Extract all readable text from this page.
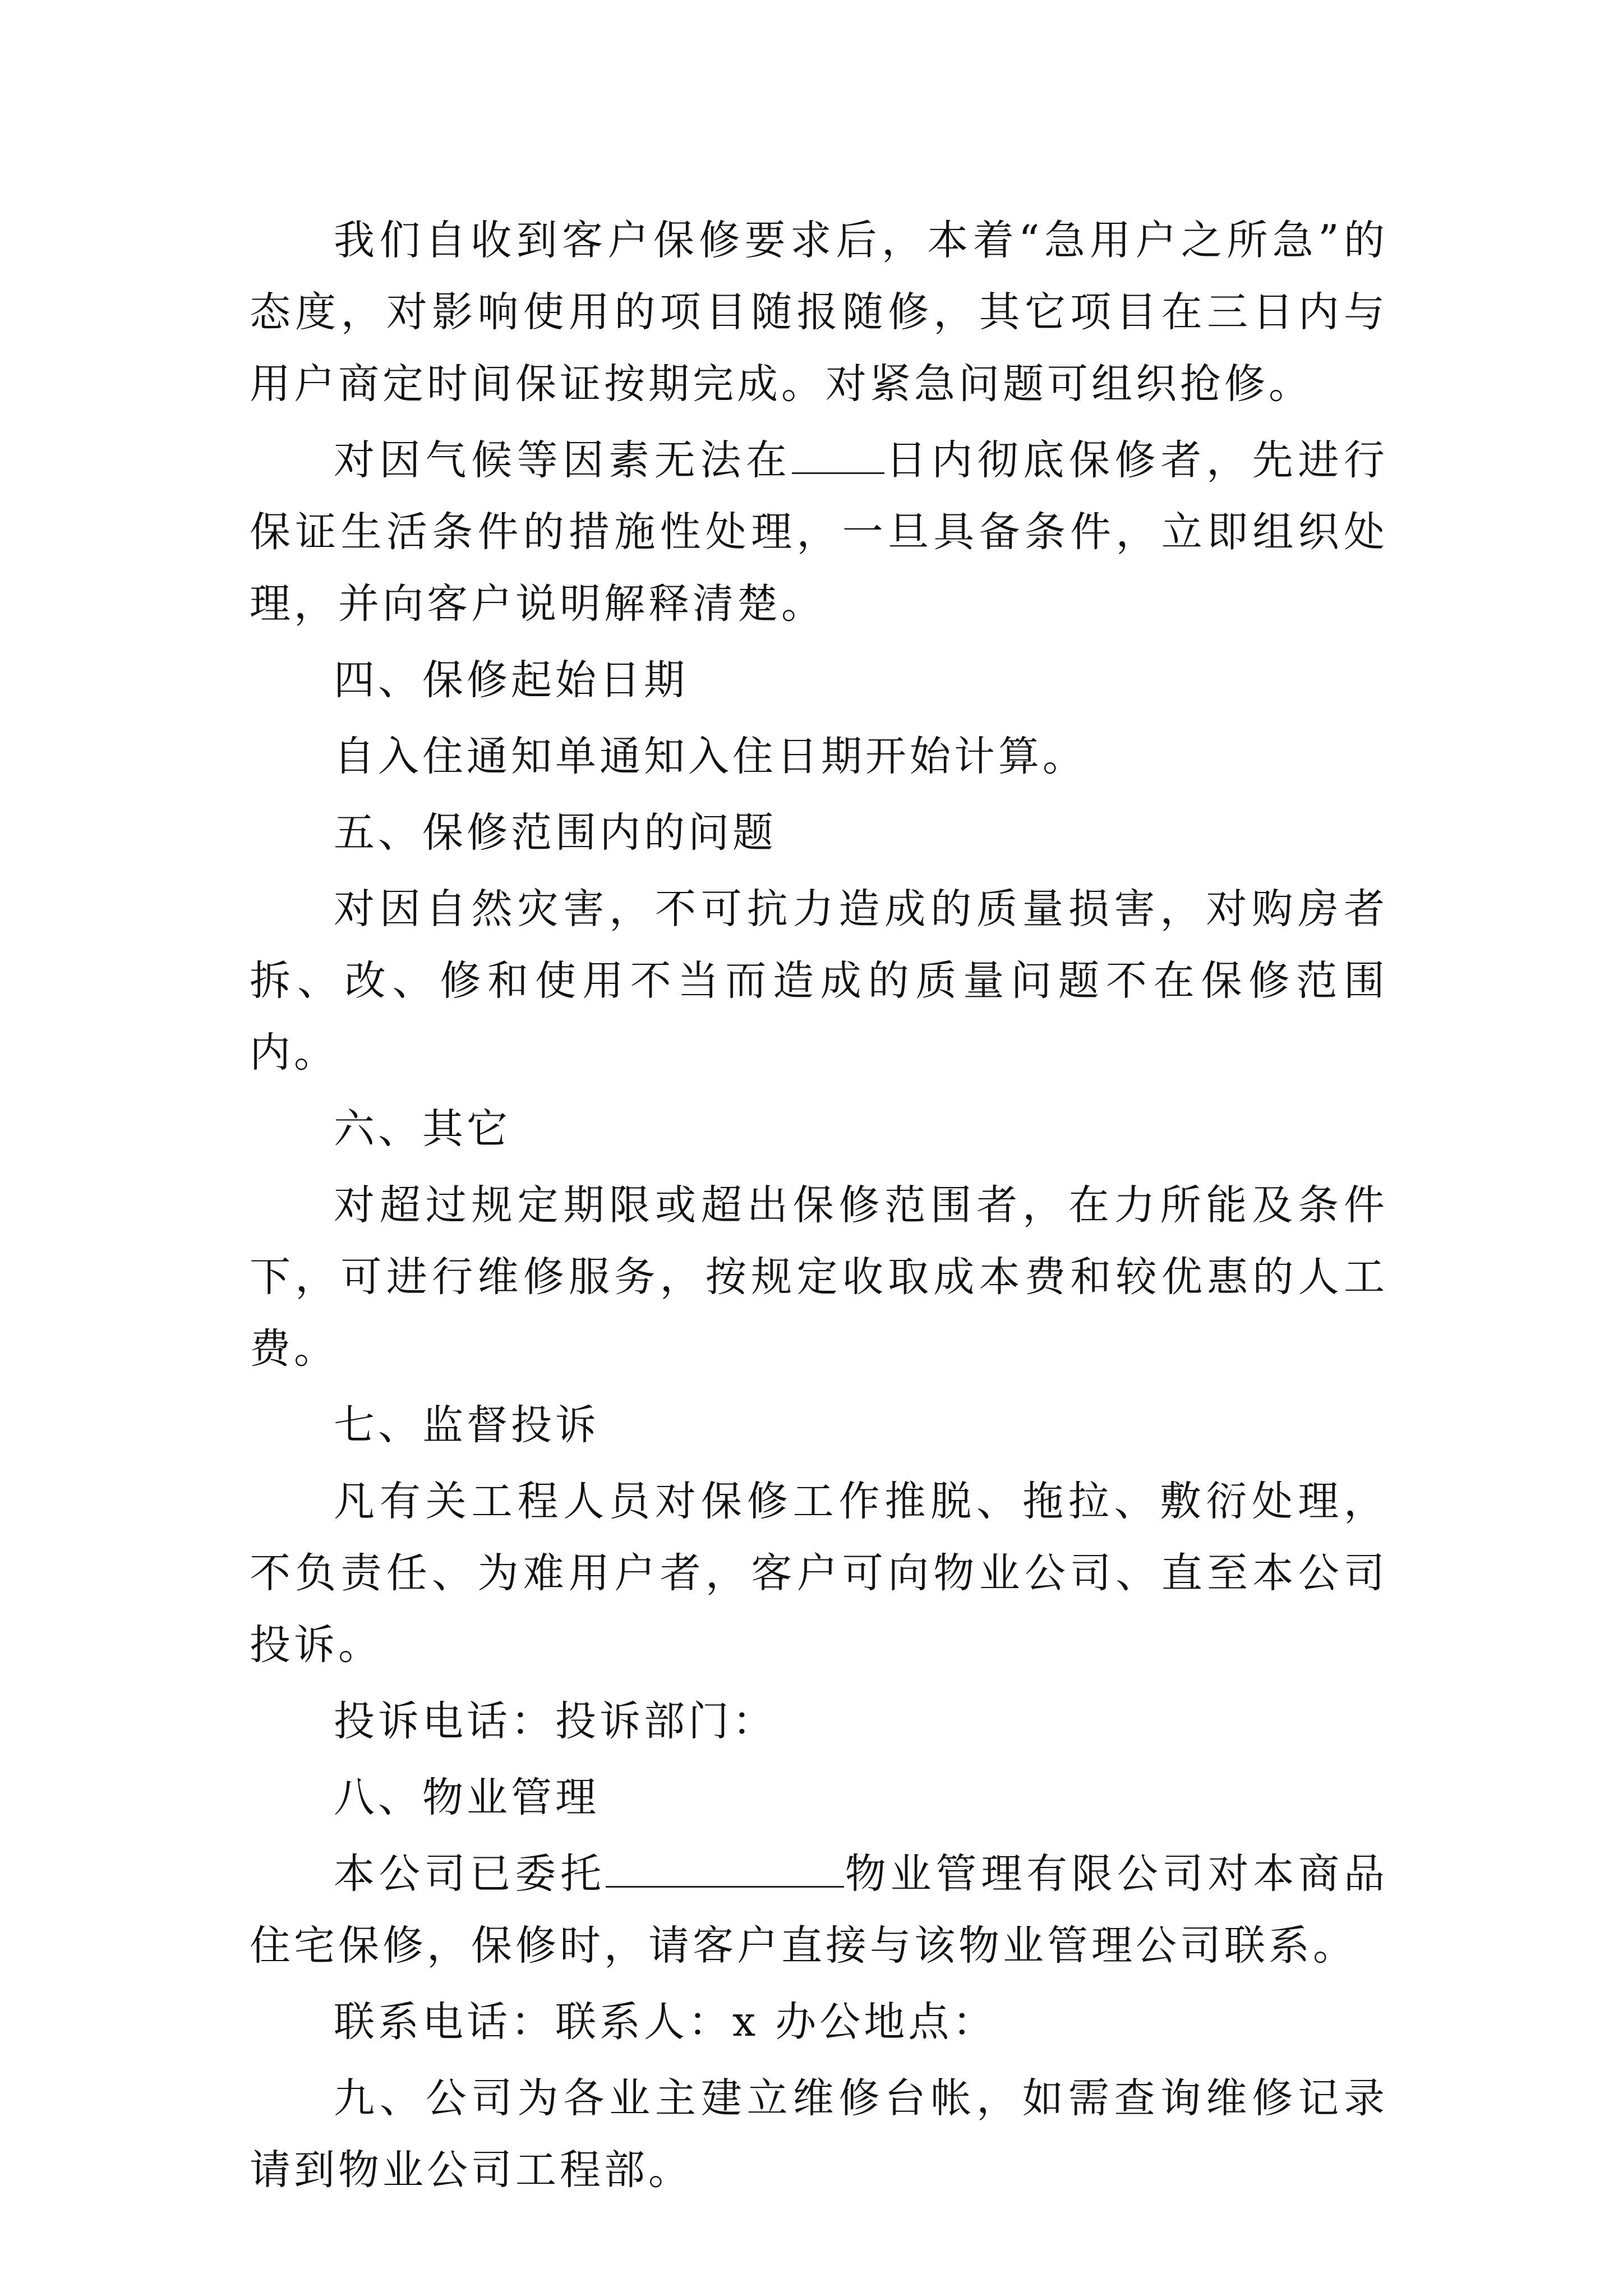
我们自收到客户保修要求后，本着“急用户之所急”的态度，对影响使用的项目随报随修，其它项目在三日内与用户商定时间保证按期完成。对紧急问题可组织抢修。

对因气候等因素无法在 日内彻底保修者，先进行保证生活条件的措施性处理，一旦具备条件，立即组织处理，并向客户说明解释清楚。

四、保修起始日期

自入住通知单通知入住日期开始计算。

五、保修范围内的问题

对因自然灾害，不可抗力造成的质量损害，对购房者拆、改、修和使用不当而造成的质量问题不在保修范围内。

六、其它

对超过规定期限或超出保修范围者，在力所能及条件下，可进行维修服务，按规定收取成本费和较优惠的人工费。

七、监督投诉

凡有关工程人员对保修工作推脱、拖拉、敷衍处理，不负责任、为难用户者，客户可向物业公司、直至本公司投诉。

投诉电话：投诉部门：

八、物业管理

本公司已委托	物业管理有限公司对本商品住宅保修，保修时，请客户直接与该物业管理公司联系。

联系电话：联系人：x 办公地点：

九、公司为各业主建立维修台帐，如需查询维修记录请到物业公司工程部。
